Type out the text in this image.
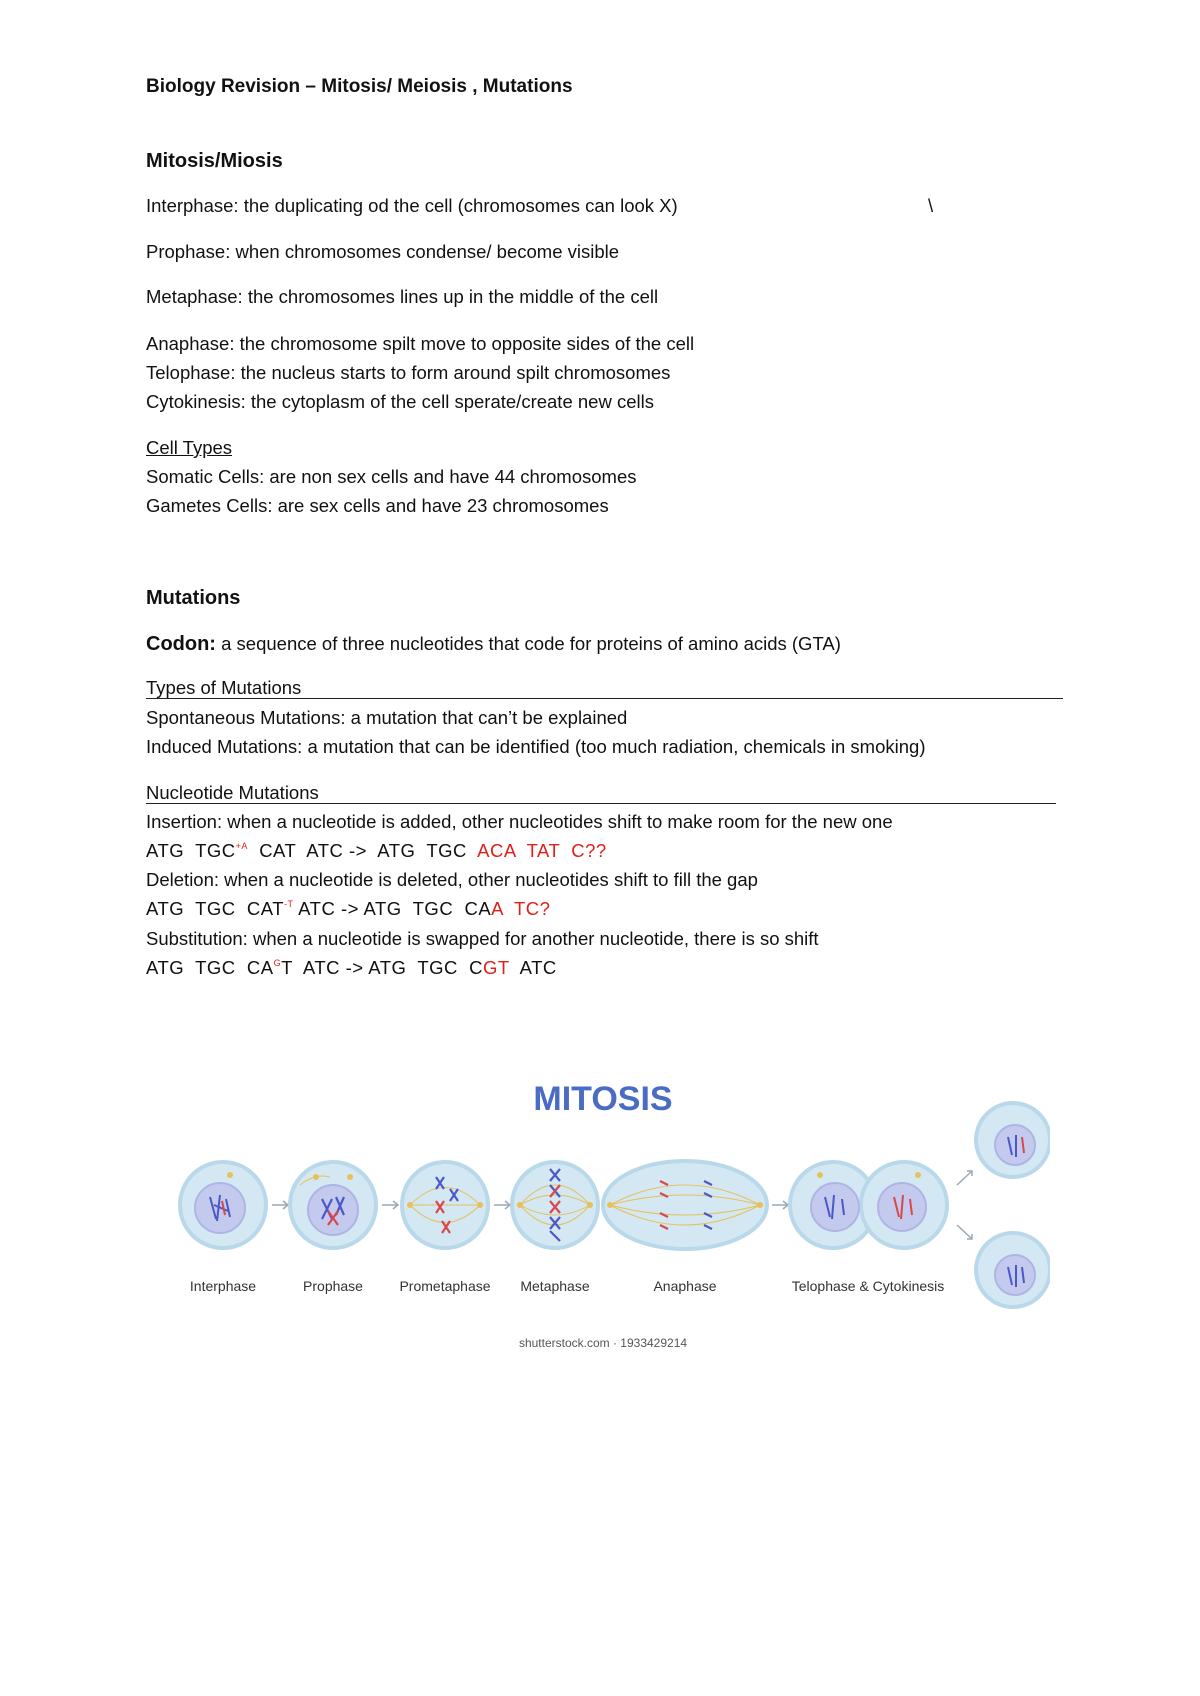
Biology Revision – Mitosis/ Meiosis , Mutations
Mitosis/Miosis
Interphase: the duplicating od the cell (chromosomes can look X)	\
Prophase: when chromosomes condense/ become visible
Metaphase: the chromosomes lines up in the middle of the cell
Anaphase: the chromosome spilt move to opposite sides of the cell
Telophase: the nucleus starts to form around spilt chromosomes
Cytokinesis: the cytoplasm of the cell sperate/create new cells
Cell Types
Somatic Cells: are non sex cells and have 44 chromosomes
Gametes Cells: are sex cells and have 23 chromosomes
Mutations
Codon: a sequence of three nucleotides that code for proteins of amino acids (GTA)
Types of Mutations
Spontaneous Mutations: a mutation that can’t be explained
Induced Mutations: a mutation that can be identified (too much radiation, chemicals in smoking)
Nucleotide Mutations
Insertion: when a nucleotide is added, other nucleotides shift to make room for the new one
ATG  $TGC^{+A}$  CAT  ATC ->  ATG  TGC  ACA  TAT  C??
Deletion: when a nucleotide is deleted, other nucleotides shift to fill the gap
ATG  TGC  $CAT^{-T}$ ATC -> ATG  TGC  CAA TC?
Substitution: when a nucleotide is swapped for another nucleotide, there is so shift
ATG  TGC  $CA^GT$  ATC -> ATG  TGC  CGT  ATC
MITOSIS
Interphase	Prophase	Prometaphase Metaphase	Anaphase	Telophase & Cytokinesis
shutterstock.com · 1933429214
